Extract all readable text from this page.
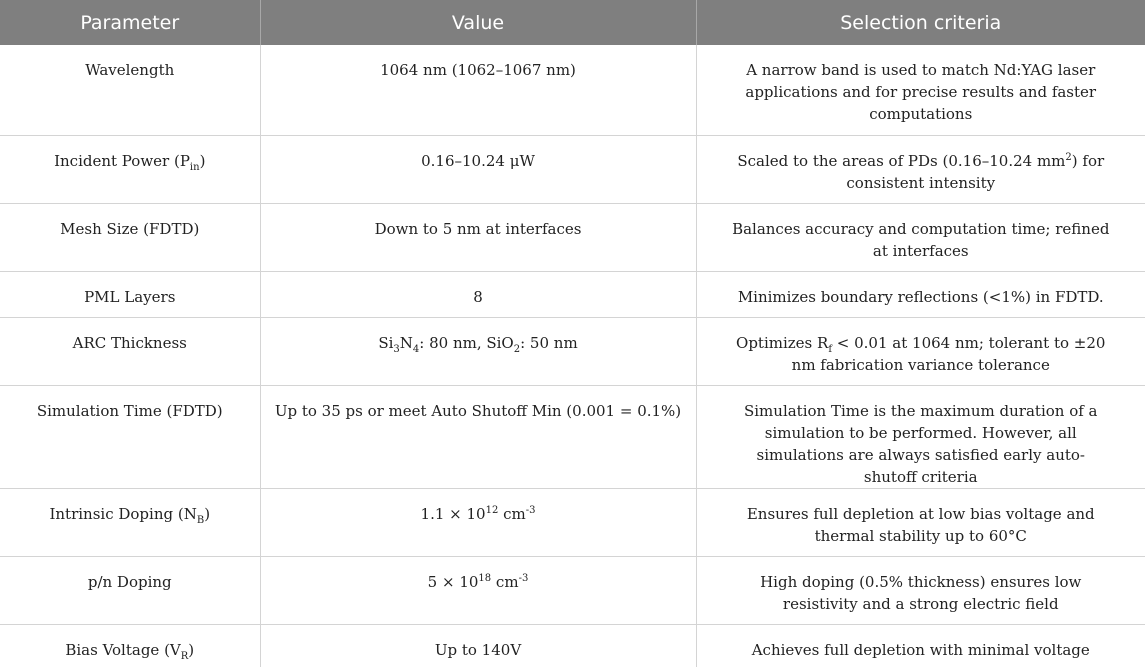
Parameter	Value	Selection criteria
Wavelength	1064 nm (1062–1067 nm)	A narrow band is used to match Nd:YAG laser applications and for precise results and faster computations
Incident Power $(P_{in})$	0.16–10.24 μW	Scaled to the areas of PDs (0.16–10.24 $mm^2$) for consistent intensity
Mesh Size (FDTD)	Down to 5 nm at interfaces	Balances accuracy and computation time; refined at interfaces
PML Layers	8	Minimizes boundary reflections (<1%) in FDTD.
ARC Thickness	$Si_3N_4$: 80 nm, SiO$_2$: 50 nm	Optimizes $R_f < 0.01$ at 1064 nm; tolerant to ±20 nm fabrication variance tolerance
Simulation Time (FDTD)	Up to 35 ps or meet Auto Shutoff Min (0.001 = 0.1%)	Simulation Time is the maximum duration of a simulation to be performed. However, all simulations are always satisfied early auto-shutoff criteria
Intrinsic Doping $(N_B)$	$1.1 \times 10^{12}$ $cm^{-3}$	Ensures full depletion at low bias voltage and thermal stability up to 60°C
p/n Doping	$5 \times 10^{18}$ $cm^{-3}$	High doping (0.5% thickness) ensures low resistivity and a strong electric field
Bias Voltage $(V_R)$	Up to 140V	Achieves full depletion with minimal voltage
